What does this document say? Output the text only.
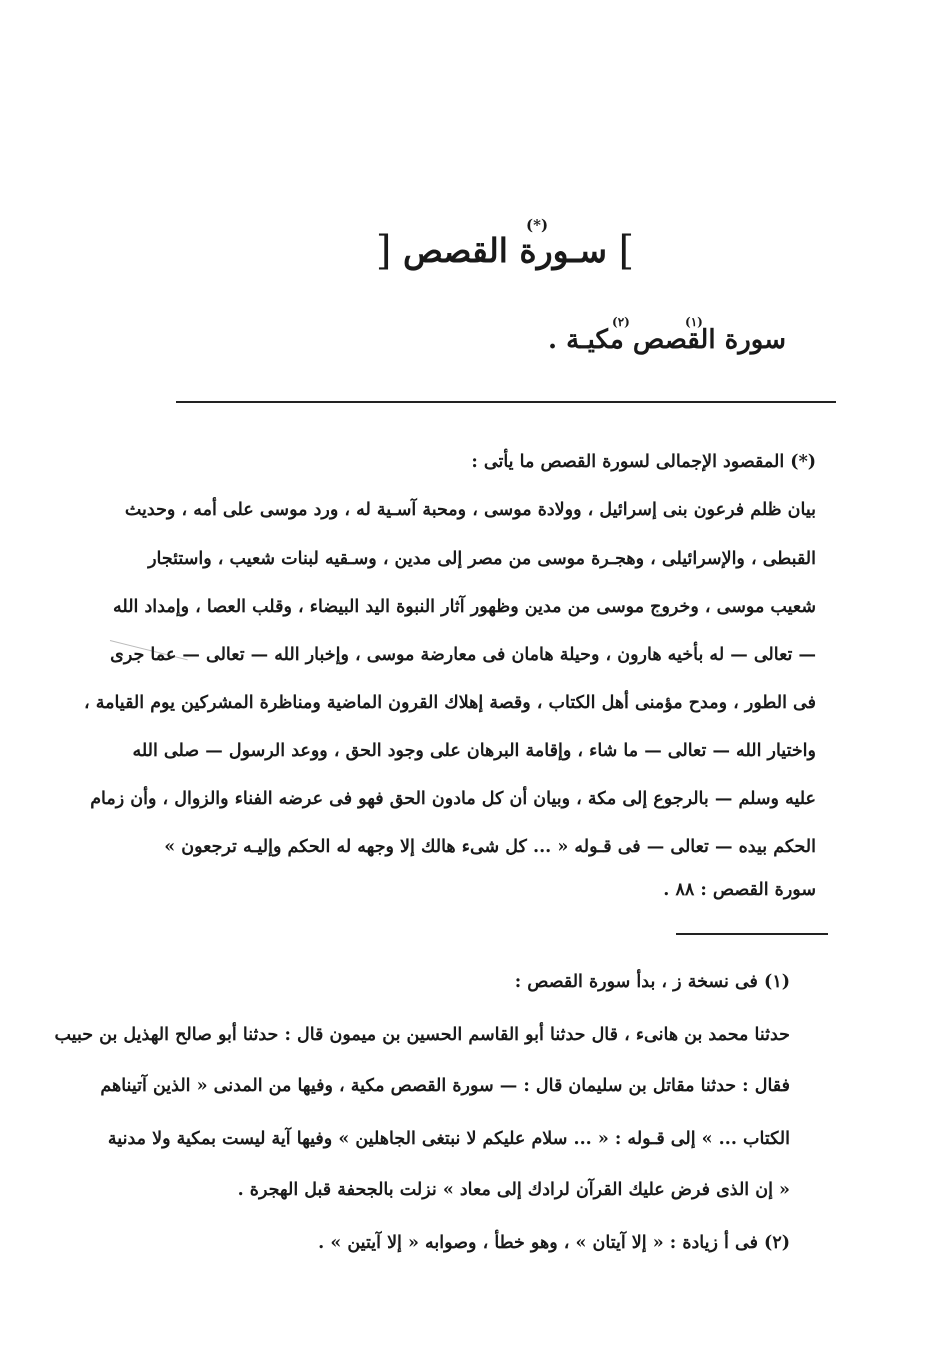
(*)
] سـورة القصص [
(١)
(٢)
سورة القصص مكيـة .
(*) المقصود الإجمالى لسورة القصص ما يأتى :
بيان ظلم فرعون بنى إسرائيل ، وولادة موسى ، ومحبة آسـية له ، ورد موسى على أمه ، وحديث
القبطى ، والإسرائيلى ، وهجـرة موسى من مصر إلى مدين ، وسـقيه لبنات شعيب ، واستئجار
شعيب موسى ، وخروج موسى من مدين وظهور آثار النبوة اليد البيضاء ، وقلب العصا ، وإمداد الله
— تعالى — له بأخيه هارون ، وحيلة هامان فى معارضة موسى ، وإخبار الله — تعالى — عما جرى
فى الطور ، ومدح مؤمنى أهل الكتاب ، وقصة إهلاك القرون الماضية ومناظرة المشركين يوم القيامة ،
واختيار الله — تعالى — ما شاء ، وإقامة البرهان على وجود الحق ، ووعد الرسول — صلى الله
عليه وسلم — بالرجوع إلى مكة ، وبيان أن كل مادون الحق فهو فى عرضه الفناء والزوال ، وأن زمام
الحكم بيده — تعالى — فى قـوله « ... كل شىء هالك إلا وجهه له الحكم وإليـه ترجعون »
سورة القصص : ٨٨ .
(١) فى نسخة ز ، بدأ سورة القصص :
حدثنا محمد بن هانىء ، قال حدثنا أبو القاسم الحسين بن ميمون قال : حدثنا أبو صالح الهذيل بن حبيب
فقال : حدثنا مقاتل بن سليمان قال : — سورة القصص مكية ، وفيها من المدنى « الذين آتيناهم
الكتاب ... » إلى قـوله : « ... سلام عليكم لا نبتغى الجاهلين » وفيها آية ليست بمكية ولا مدنية
« إن الذى فرض عليك القرآن لرادك إلى معاد » نزلت بالجحفة قبل الهجرة .
(٢) فى أ زيادة : « إلا آيتان » ، وهو خطأ ، وصوابه « إلا آيتين » .
